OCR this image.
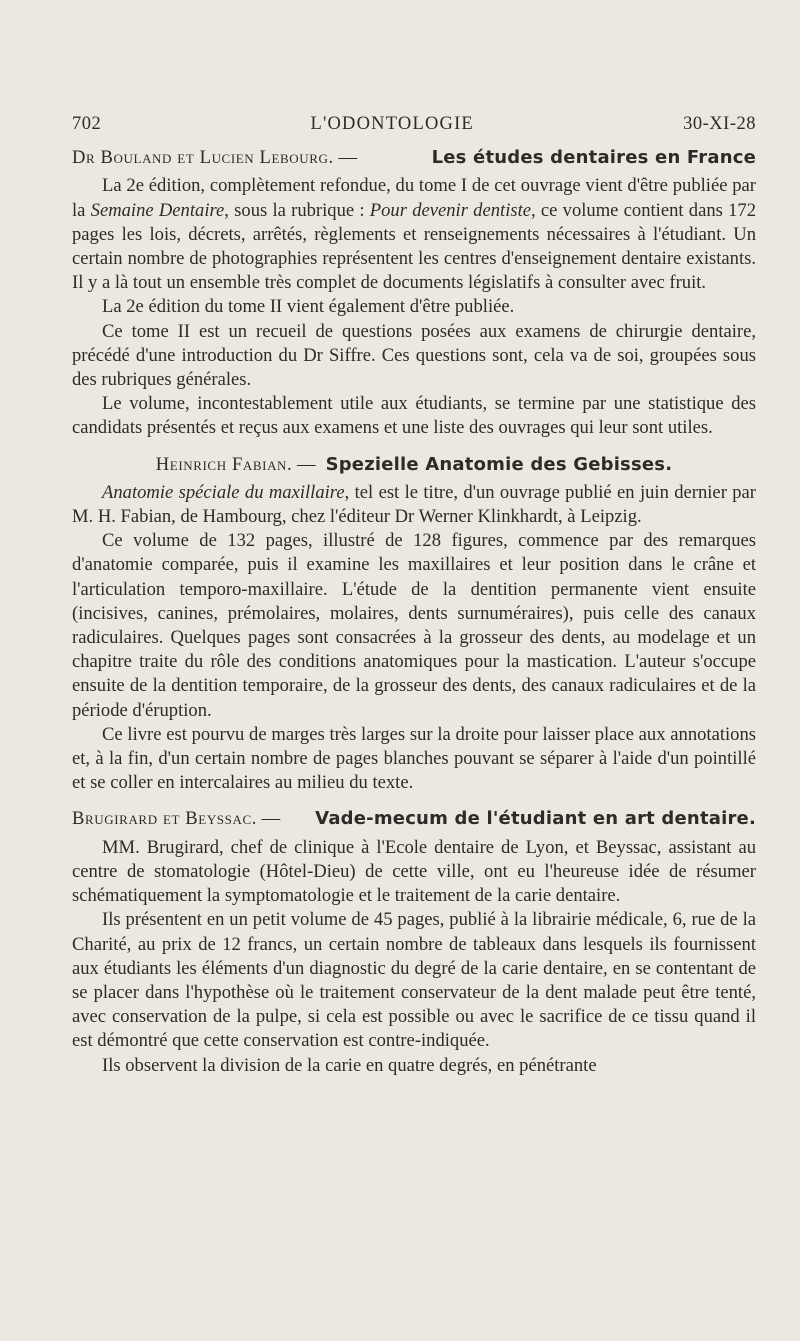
702	L'ODONTOLOGIE	30-XI-28
Dr Bouland et Lucien Lebourg. —	Les études dentaires en France

La 2e édition, complètement refondue, du tome I de cet ouvrage vient d'être publiée par la Semaine Dentaire, sous la rubrique : Pour devenir dentiste, ce volume contient dans 172 pages les lois, décrets, arrêtés, règlements et renseignements nécessaires à l'étudiant. Un certain nombre de photographies représentent les centres d'enseignement dentaire existants. Il y a là tout un ensemble très complet de documents législatifs à consulter avec fruit.

La 2e édition du tome II vient également d'être publiée.

Ce tome II est un recueil de questions posées aux examens de chirurgie dentaire, précédé d'une introduction du Dr Siffre. Ces questions sont, cela va de soi, groupées sous des rubriques générales.

Le volume, incontestablement utile aux étudiants, se termine par une statistique des candidats présentés et reçus aux examens et une liste des ouvrages qui leur sont utiles.

Heinrich Fabian. — Spezielle Anatomie des Gebisses.

Anatomie spéciale du maxillaire, tel est le titre, d'un ouvrage publié en juin dernier par M. H. Fabian, de Hambourg, chez l'éditeur Dr Werner Klinkhardt, à Leipzig.

Ce volume de 132 pages, illustré de 128 figures, commence par des remarques d'anatomie comparée, puis il examine les maxillaires et leur position dans le crâne et l'articulation temporo-maxillaire. L'étude de la dentition permanente vient ensuite (incisives, canines, prémolaires, molaires, dents surnuméraires), puis celle des canaux radiculaires. Quelques pages sont consacrées à la grosseur des dents, au modelage et un chapitre traite du rôle des conditions anatomiques pour la mastication. L'auteur s'occupe ensuite de la dentition temporaire, de la grosseur des dents, des canaux radiculaires et de la période d'éruption.

Ce livre est pourvu de marges très larges sur la droite pour laisser place aux annotations et, à la fin, d'un certain nombre de pages blanches pouvant se séparer à l'aide d'un pointillé et se coller en intercalaires au milieu du texte.

Brugirard et Beyssac. — Vade-mecum de l'étudiant en art dentaire.

MM. Brugirard, chef de clinique à l'Ecole dentaire de Lyon, et Beyssac, assistant au centre de stomatologie (Hôtel-Dieu) de cette ville, ont eu l'heureuse idée de résumer schématiquement la symptomatologie et le traitement de la carie dentaire.

Ils présentent en un petit volume de 45 pages, publié à la librairie médicale, 6, rue de la Charité, au prix de 12 francs, un certain nombre de tableaux dans lesquels ils fournissent aux étudiants les éléments d'un diagnostic du degré de la carie dentaire, en se contentant de se placer dans l'hypothèse où le traitement conservateur de la dent malade peut être tenté, avec conservation de la pulpe, si cela est possible ou avec le sacrifice de ce tissu quand il est démontré que cette conservation est contre-indiquée.

Ils observent la division de la carie en quatre degrés, en pénétrante
